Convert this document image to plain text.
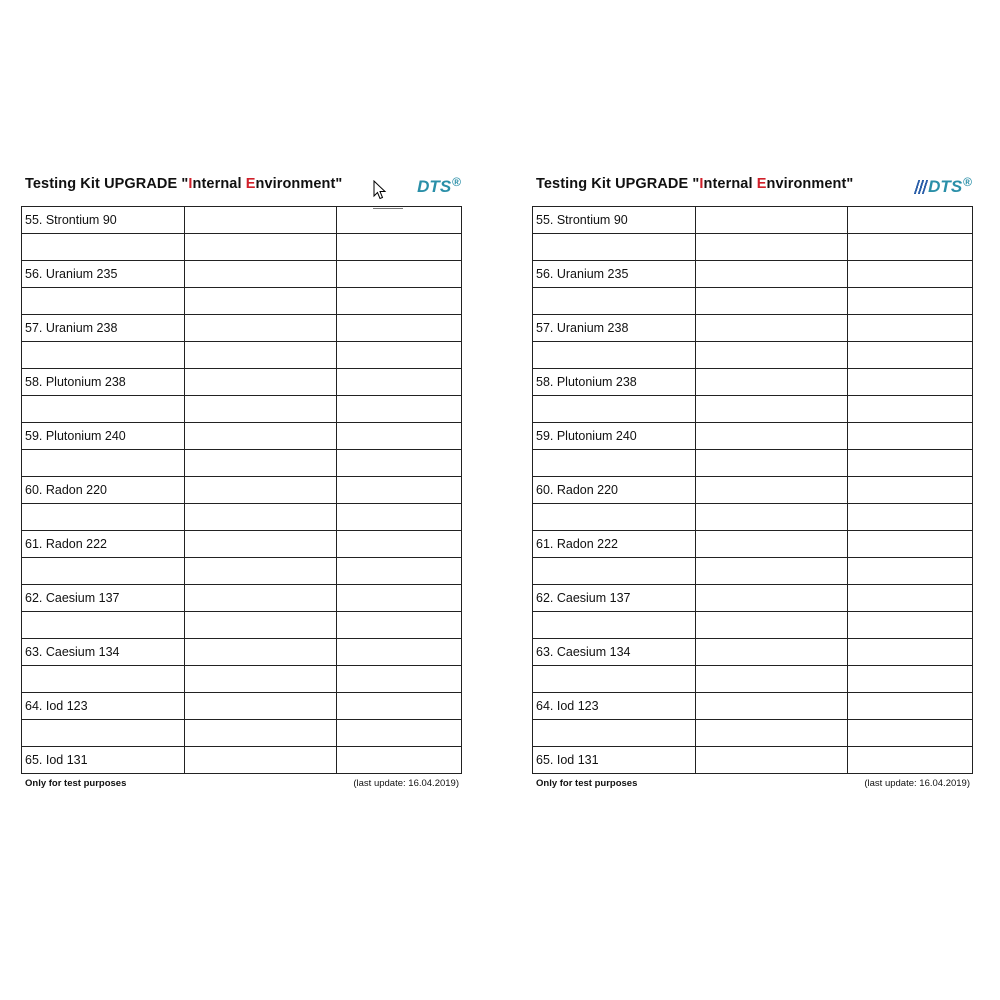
Testing Kit UPGRADE "Internal Environment"	DTS ®
55. Strontium 90		

56. Uranium 235		

57. Uranium 238		

58. Plutonium 238		

59. Plutonium 240		

60. Radon 220		

61. Radon 222		

62. Caesium 137		

63. Caesium 134		

64. Iod 123		

65. Iod 131		
Only for test purposes	(last update: 16.04.2019)
Testing Kit UPGRADE "Internal Environment"	DTS ®
55. Strontium 90		

56. Uranium 235		

57. Uranium 238		

58. Plutonium 238		

59. Plutonium 240		

60. Radon 220		

61. Radon 222		

62. Caesium 137		

63. Caesium 134		

64. Iod 123		

65. Iod 131		
Only for test purposes	(last update: 16.04.2019)
